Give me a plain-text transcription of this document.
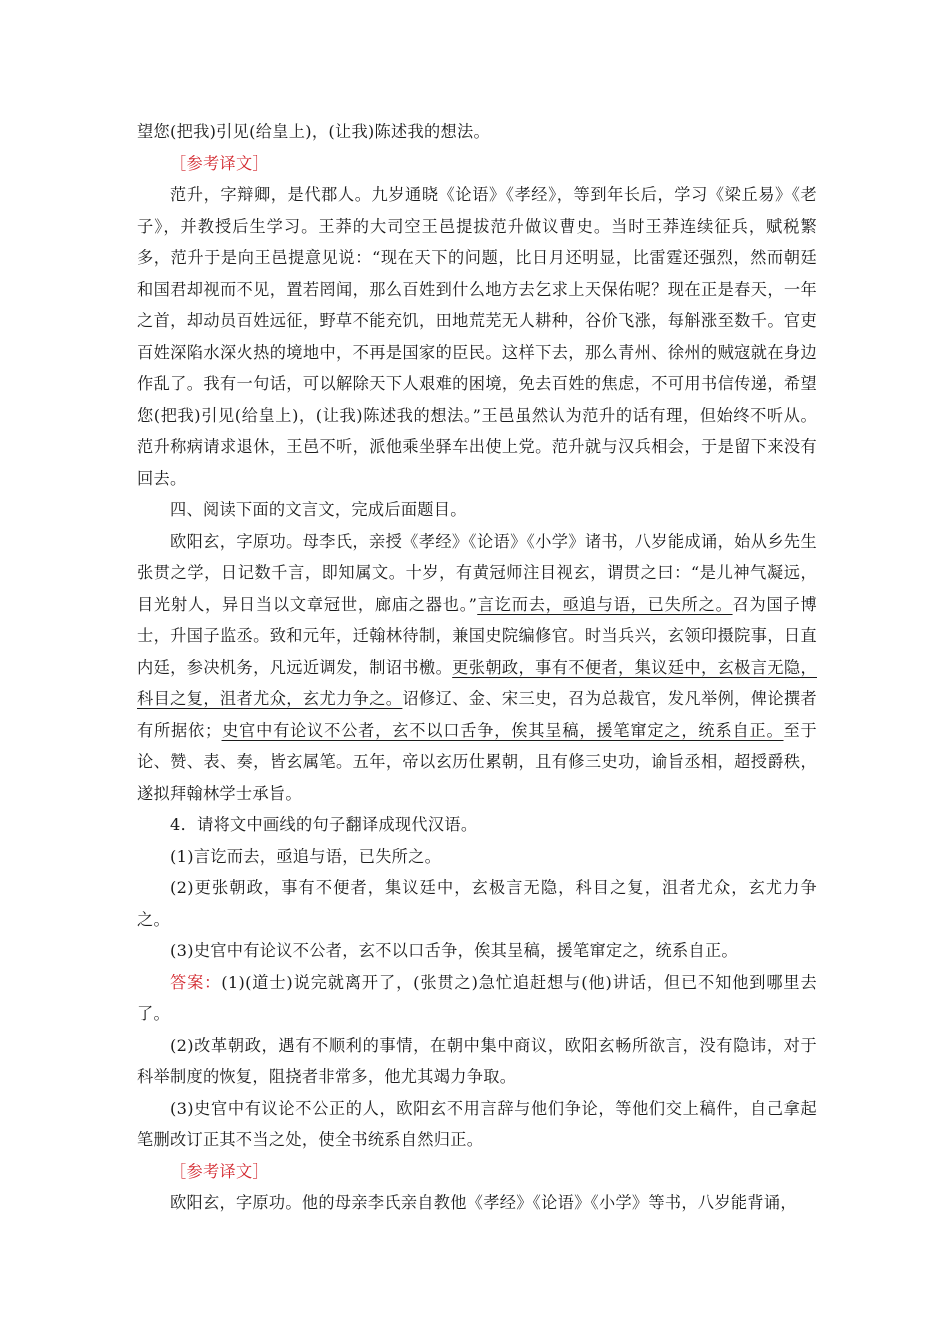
望您(把我)引见(给皇上)，(让我)陈述我的想法。

［参考译文］

范升，字辩卿，是代郡人。九岁通晓《论语》《孝经》，等到年长后，学习《梁丘易》《老子》，并教授后生学习。王莽的大司空王邑提拔范升做议曹史。当时王莽连续征兵，赋税繁多，范升于是向王邑提意见说：“现在天下的问题，比日月还明显，比雷霆还强烈，然而朝廷和国君却视而不见，置若罔闻，那么百姓到什么地方去乞求上天保佑呢？现在正是春天，一年之首，却动员百姓远征，野草不能充饥，田地荒芜无人耕种，谷价飞涨，每斛涨至数千。官吏百姓深陷水深火热的境地中，不再是国家的臣民。这样下去，那么青州、徐州的贼寇就在身边作乱了。我有一句话，可以解除天下人艰难的困境，免去百姓的焦虑，不可用书信传递，希望您(把我)引见(给皇上)，(让我)陈述我的想法。”王邑虽然认为范升的话有理，但始终不听从。范升称病请求退休，王邑不听，派他乘坐驿车出使上党。范升就与汉兵相会，于是留下来没有回去。

四、阅读下面的文言文，完成后面题目。

欧阳玄，字原功。母李氏，亲授《孝经》《论语》《小学》诸书，八岁能成诵，始从乡先生张贯之学，日记数千言，即知属文。十岁，有黄冠师注目视玄，谓贯之曰：“是儿神气凝远，目光射人，异日当以文章冠世，廊庙之器也。”言讫而去，亟追与语，已失所之。召为国子博士，升国子监丞。致和元年，迁翰林待制，兼国史院编修官。时当兵兴，玄领印摄院事，日直内廷，参决机务，凡远近调发，制诏书檄。更张朝政，事有不便者，集议廷中，玄极言无隐，科目之复，沮者尤众，玄尤力争之。诏修辽、金、宋三史，召为总裁官，发凡举例，俾论撰者有所据依；史官中有论议不公者，玄不以口舌争，俟其呈稿，援笔窜定之，统系自正。至于论、赞、表、奏，皆玄属笔。五年，帝以玄历仕累朝，且有修三史功，谕旨丞相，超授爵秩，遂拟拜翰林学士承旨。

4．请将文中画线的句子翻译成现代汉语。

(1)言讫而去，亟追与语，已失所之。

(2)更张朝政，事有不便者，集议廷中，玄极言无隐，科目之复，沮者尤众，玄尤力争之。

(3)史官中有论议不公者，玄不以口舌争，俟其呈稿，援笔窜定之，统系自正。

答案：(1)(道士)说完就离开了，(张贯之)急忙追赶想与(他)讲话，但已不知他到哪里去了。

(2)改革朝政，遇有不顺利的事情，在朝中集中商议，欧阳玄畅所欲言，没有隐讳，对于科举制度的恢复，阻挠者非常多，他尤其竭力争取。

(3)史官中有议论不公正的人，欧阳玄不用言辞与他们争论，等他们交上稿件，自己拿起笔删改订正其不当之处，使全书统系自然归正。

［参考译文］

欧阳玄，字原功。他的母亲李氏亲自教他《孝经》《论语》《小学》等书，八岁能背诵，
